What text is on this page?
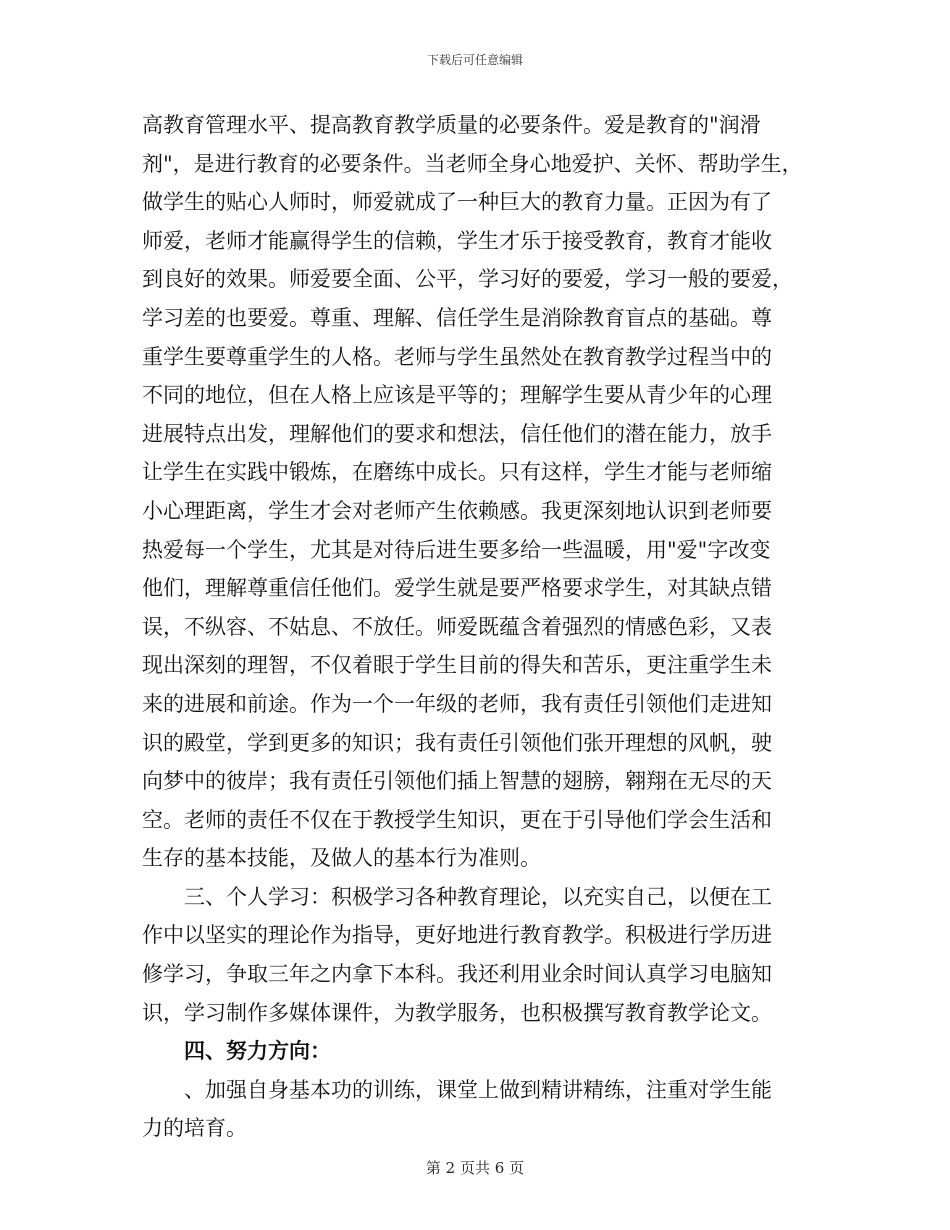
下载后可任意编辑
高教育管理水平、提高教育教学质量的必要条件。爱是教育的"润滑
剂"，是进行教育的必要条件。当老师全身心地爱护、关怀、帮助学生，
做学生的贴心人师时，师爱就成了一种巨大的教育力量。正因为有了
师爱，老师才能赢得学生的信赖，学生才乐于接受教育，教育才能收
到良好的效果。师爱要全面、公平，学习好的要爱，学习一般的要爱，
学习差的也要爱。尊重、理解、信任学生是消除教育盲点的基础。尊
重学生要尊重学生的人格。老师与学生虽然处在教育教学过程当中的
不同的地位，但在人格上应该是平等的；理解学生要从青少年的心理
进展特点出发，理解他们的要求和想法，信任他们的潜在能力，放手
让学生在实践中锻炼，在磨练中成长。只有这样，学生才能与老师缩
小心理距离，学生才会对老师产生依赖感。我更深刻地认识到老师要
热爱每一个学生，尤其是对待后进生要多给一些温暖，用"爱"字改变
他们，理解尊重信任他们。爱学生就是要严格要求学生，对其缺点错
误，不纵容、不姑息、不放任。师爱既蕴含着强烈的情感色彩，又表
现出深刻的理智，不仅着眼于学生目前的得失和苦乐，更注重学生未
来的进展和前途。作为一个一年级的老师，我有责任引领他们走进知
识的殿堂，学到更多的知识；我有责任引领他们张开理想的风帆，驶
向梦中的彼岸；我有责任引领他们插上智慧的翅膀，翱翔在无尽的天
空。老师的责任不仅在于教授学生知识，更在于引导他们学会生活和
生存的基本技能，及做人的基本行为准则。
三、个人学习：积极学习各种教育理论，以充实自己，以便在工
作中以坚实的理论作为指导，更好地进行教育教学。积极进行学历进
修学习，争取三年之内拿下本科。我还利用业余时间认真学习电脑知
识，学习制作多媒体课件，为教学服务，也积极撰写教育教学论文。
四、努力方向：
、加强自身基本功的训练，课堂上做到精讲精练，注重对学生能
力的培育。
第 2 页共 6 页
